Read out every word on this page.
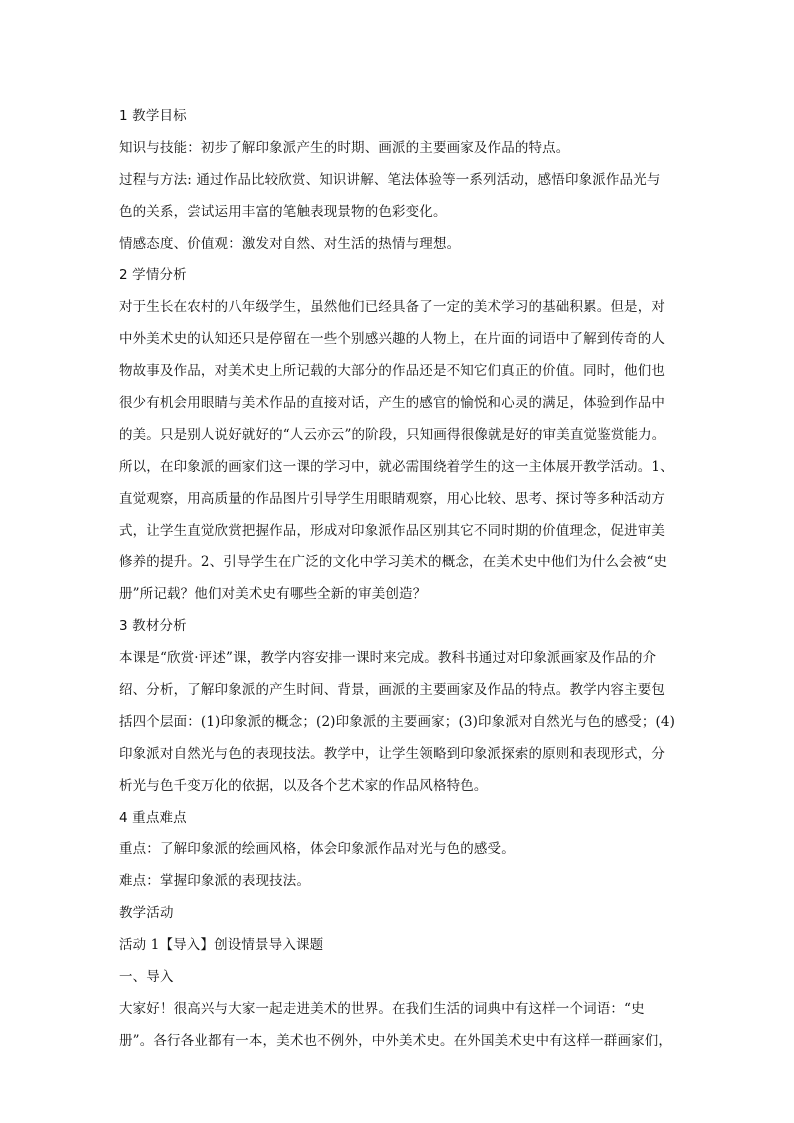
1 教学目标
知识与技能：初步了解印象派产生的时期、画派的主要画家及作品的特点。
过程与方法: 通过作品比较欣赏、知识讲解、笔法体验等一系列活动，感悟印象派作品光与
色的关系，尝试运用丰富的笔触表现景物的色彩变化。
情感态度、价值观：激发对自然、对生活的热情与理想。
2 学情分析
对于生长在农村的八年级学生，虽然他们已经具备了一定的美术学习的基础积累。但是，对
中外美术史的认知还只是停留在一些个别感兴趣的人物上，在片面的词语中了解到传奇的人
物故事及作品，对美术史上所记载的大部分的作品还是不知它们真正的价值。同时，他们也
很少有机会用眼睛与美术作品的直接对话，产生的感官的愉悦和心灵的满足，体验到作品中
的美。只是别人说好就好的“人云亦云”的阶段，只知画得很像就是好的审美直觉鉴赏能力。
所以，在印象派的画家们这一课的学习中，就必需围绕着学生的这一主体展开教学活动。1、
直觉观察，用高质量的作品图片引导学生用眼睛观察，用心比较、思考、探讨等多种活动方
式，让学生直觉欣赏把握作品，形成对印象派作品区别其它不同时期的价值理念，促进审美
修养的提升。2、引导学生在广泛的文化中学习美术的概念，在美术史中他们为什么会被“史
册”所记载？他们对美术史有哪些全新的审美创造？
3 教材分析
本课是“欣赏·评述”课，教学内容安排一课时来完成。教科书通过对印象派画家及作品的介
绍、分析，了解印象派的产生时间、背景，画派的主要画家及作品的特点。教学内容主要包
括四个层面：(1)印象派的概念；(2)印象派的主要画家；(3)印象派对自然光与色的感受；(4)
印象派对自然光与色的表现技法。教学中，让学生领略到印象派探索的原则和表现形式，分
析光与色千变万化的依据，以及各个艺术家的作品风格特色。
4 重点难点
重点：了解印象派的绘画风格，体会印象派作品对光与色的感受。
难点：掌握印象派的表现技法。
教学活动
活动 1【导入】创设情景导入课题
一、导入
大家好！很高兴与大家一起走进美术的世界。在我们生活的词典中有这样一个词语：“史
册”。各行各业都有一本，美术也不例外，中外美术史。在外国美术史中有这样一群画家们，
